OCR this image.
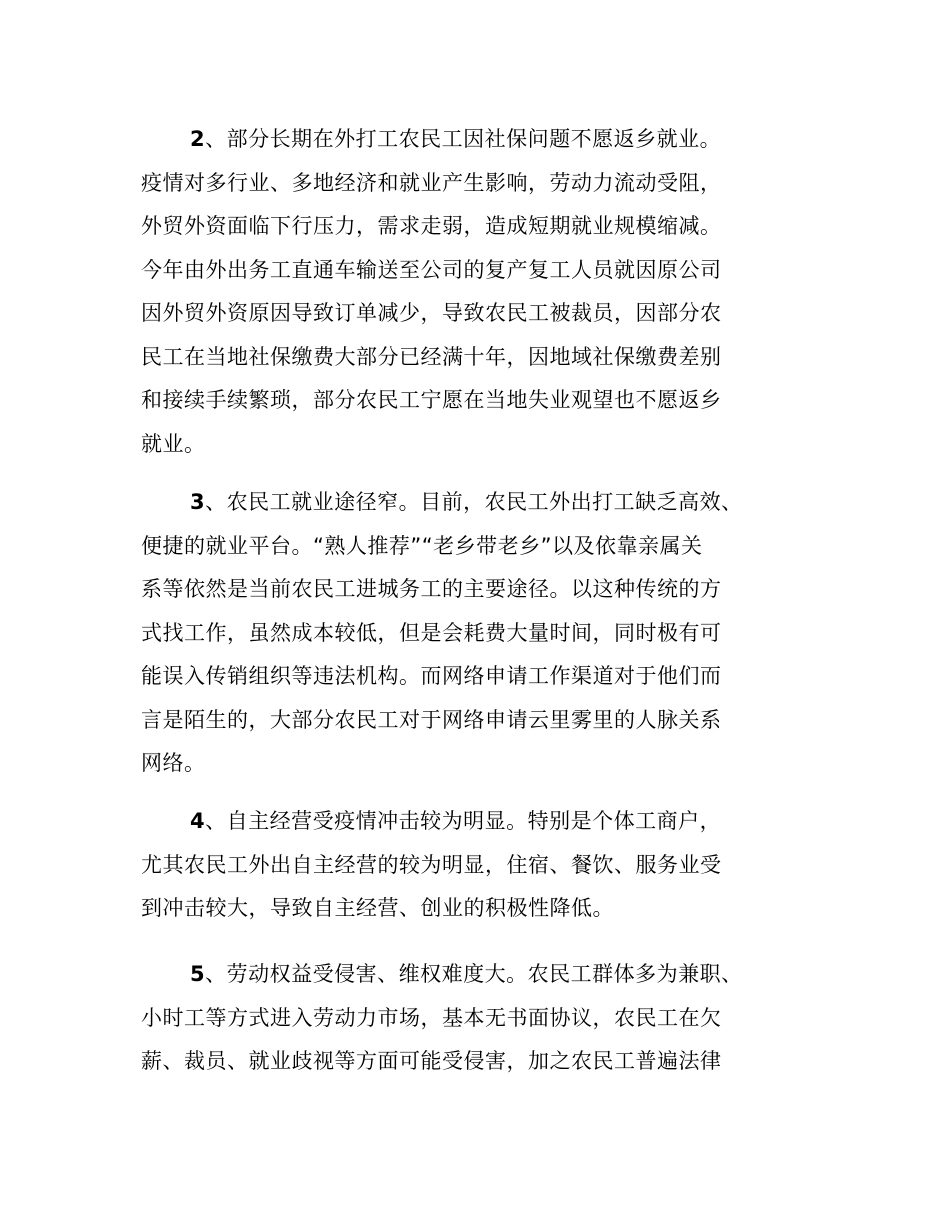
2、部分长期在外打工农民工因社保问题不愿返乡就业。
疫情对多行业、多地经济和就业产生影响，劳动力流动受阻，
外贸外资面临下行压力，需求走弱，造成短期就业规模缩减。
今年由外出务工直通车输送至公司的复产复工人员就因原公司
因外贸外资原因导致订单减少，导致农民工被裁员，因部分农
民工在当地社保缴费大部分已经满十年，因地域社保缴费差别
和接续手续繁琐，部分农民工宁愿在当地失业观望也不愿返乡
就业。
3、农民工就业途径窄。目前，农民工外出打工缺乏高效、
便捷的就业平台。“熟人推荐”“老乡带老乡”以及依靠亲属关
系等依然是当前农民工进城务工的主要途径。以这种传统的方
式找工作，虽然成本较低，但是会耗费大量时间，同时极有可
能误入传销组织等违法机构。而网络申请工作渠道对于他们而
言是陌生的，大部分农民工对于网络申请云里雾里的人脉关系
网络。
4、自主经营受疫情冲击较为明显。特别是个体工商户，
尤其农民工外出自主经营的较为明显，住宿、餐饮、服务业受
到冲击较大，导致自主经营、创业的积极性降低。
5、劳动权益受侵害、维权难度大。农民工群体多为兼职、
小时工等方式进入劳动力市场，基本无书面协议，农民工在欠
薪、裁员、就业歧视等方面可能受侵害，加之农民工普遍法律
